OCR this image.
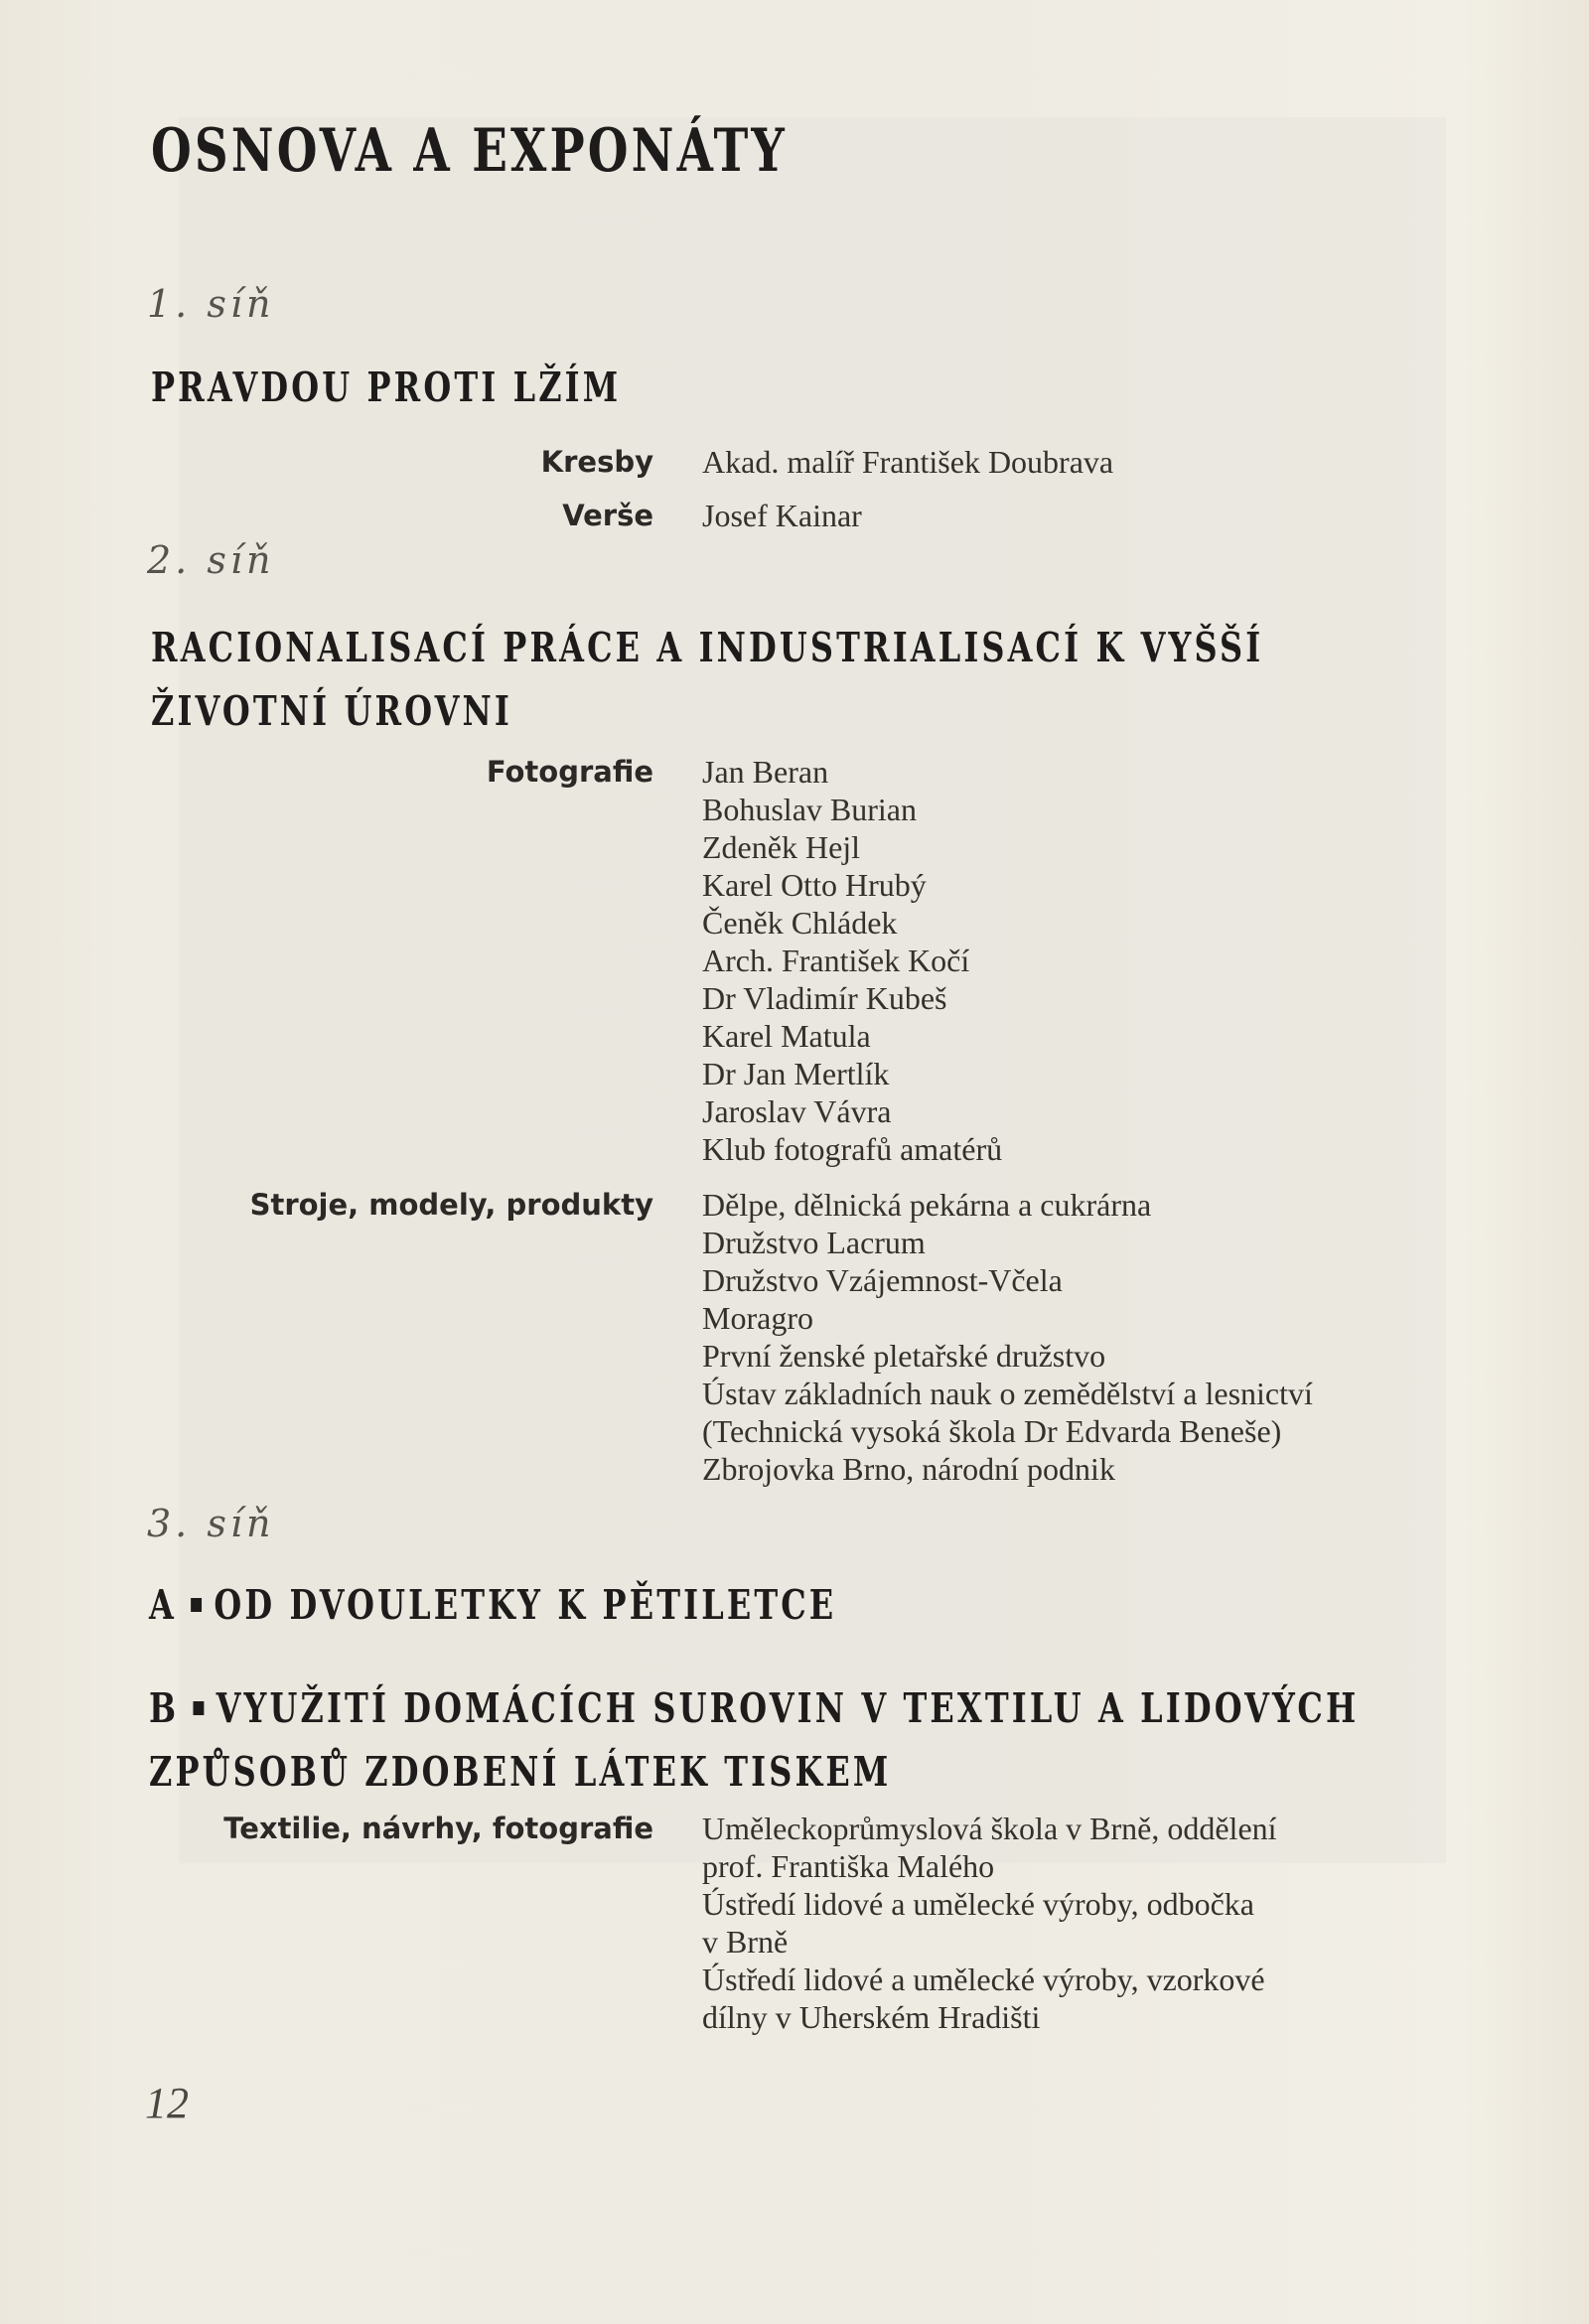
OSNOVA A EXPONÁTY
1. síň
PRAVDOU PROTI LŽÍM
Kresby Akad. malíř František Doubrava
Verše Josef Kainar
2. síň
RACIONALISACÍ PRÁCE A INDUSTRIALISACÍ K VYŠŠÍ
ŽIVOTNÍ ÚROVNI
Fotografie Jan Beran
Bohuslav Burian
Zdeněk Hejl
Karel Otto Hrubý
Čeněk Chládek
Arch. František Kočí
Dr Vladimír Kubeš
Karel Matula
Dr Jan Mertlík
Jaroslav Vávra
Klub fotografů amatérů
Stroje, modely, produkty Dělpe, dělnická pekárna a cukrárna
Družstvo Lacrum
Družstvo Vzájemnost-Včela
Moragro
První ženské pletařské družstvo
Ústav základních nauk o zemědělství a lesnictví
(Technická vysoká škola Dr Edvarda Beneše)
Zbrojovka Brno, národní podnik
3. síň
A OD DVOULETKY K PĚTILETCE
B VYUŽITÍ DOMÁCÍCH SUROVIN V TEXTILU A LIDOVÝCH
ZPŮSOBŮ ZDOBENÍ LÁTEK TISKEM
Textilie, návrhy, fotografie Uměleckoprůmyslová škola v Brně, oddělení
prof. Františka Malého
Ústředí lidové a umělecké výroby, odbočka
v Brně
Ústředí lidové a umělecké výroby, vzorkové
dílny v Uherském Hradišti
12
